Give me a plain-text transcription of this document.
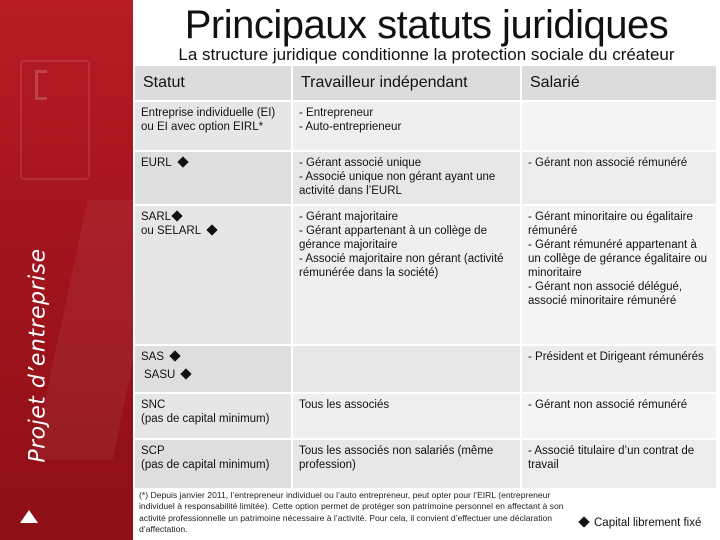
Projet d’entreprise
Principaux statuts juridiques
La structure juridique conditionne la protection sociale du créateur
Statut	Travailleur indépendant	Salarié

Entreprise individuelle (EI) ou EI avec option EIRL*	- Entrepreneur
- Auto-entreprieneur	

EURL	- Gérant associé unique
- Associé unique non gérant ayant une activité dans l’EURL	- Gérant non associé rémunéré

SARL
ou SELARL	- Gérant majoritaire
- Gérant appartenant à un collège de gérance majoritaire
- Associé majoritaire non gérant (activité rémunérée dans la société)	- Gérant minoritaire ou égalitaire rémunéré
- Gérant rémunéré appartenant à un collège de gérance égalitaire ou minoritaire
- Gérant non associé délégué, associé minoritaire rémunéré

SAS
SASU		- Président et Dirigeant rémunérés

SNC
(pas de capital minimum)	Tous les associés	- Gérant non associé rémunéré

SCP
(pas de capital minimum)	Tous les associés non salariés (même profession)	- Associé titulaire d’un contrat de travail
(*) Depuis janvier 2011, l’entrepreneur individuel ou l’auto entrepreneur, peut opter pour l’EIRL (entrepreneur individuel à responsabilité limitée). Cette option permet de protéger son patrimoine personnel en affectant à son activité professionnelle un patrimoine nécessaire à l’activité. Pour cela, il convient d’effectuer une déclaration d’affectation.
Capital librement fixé
